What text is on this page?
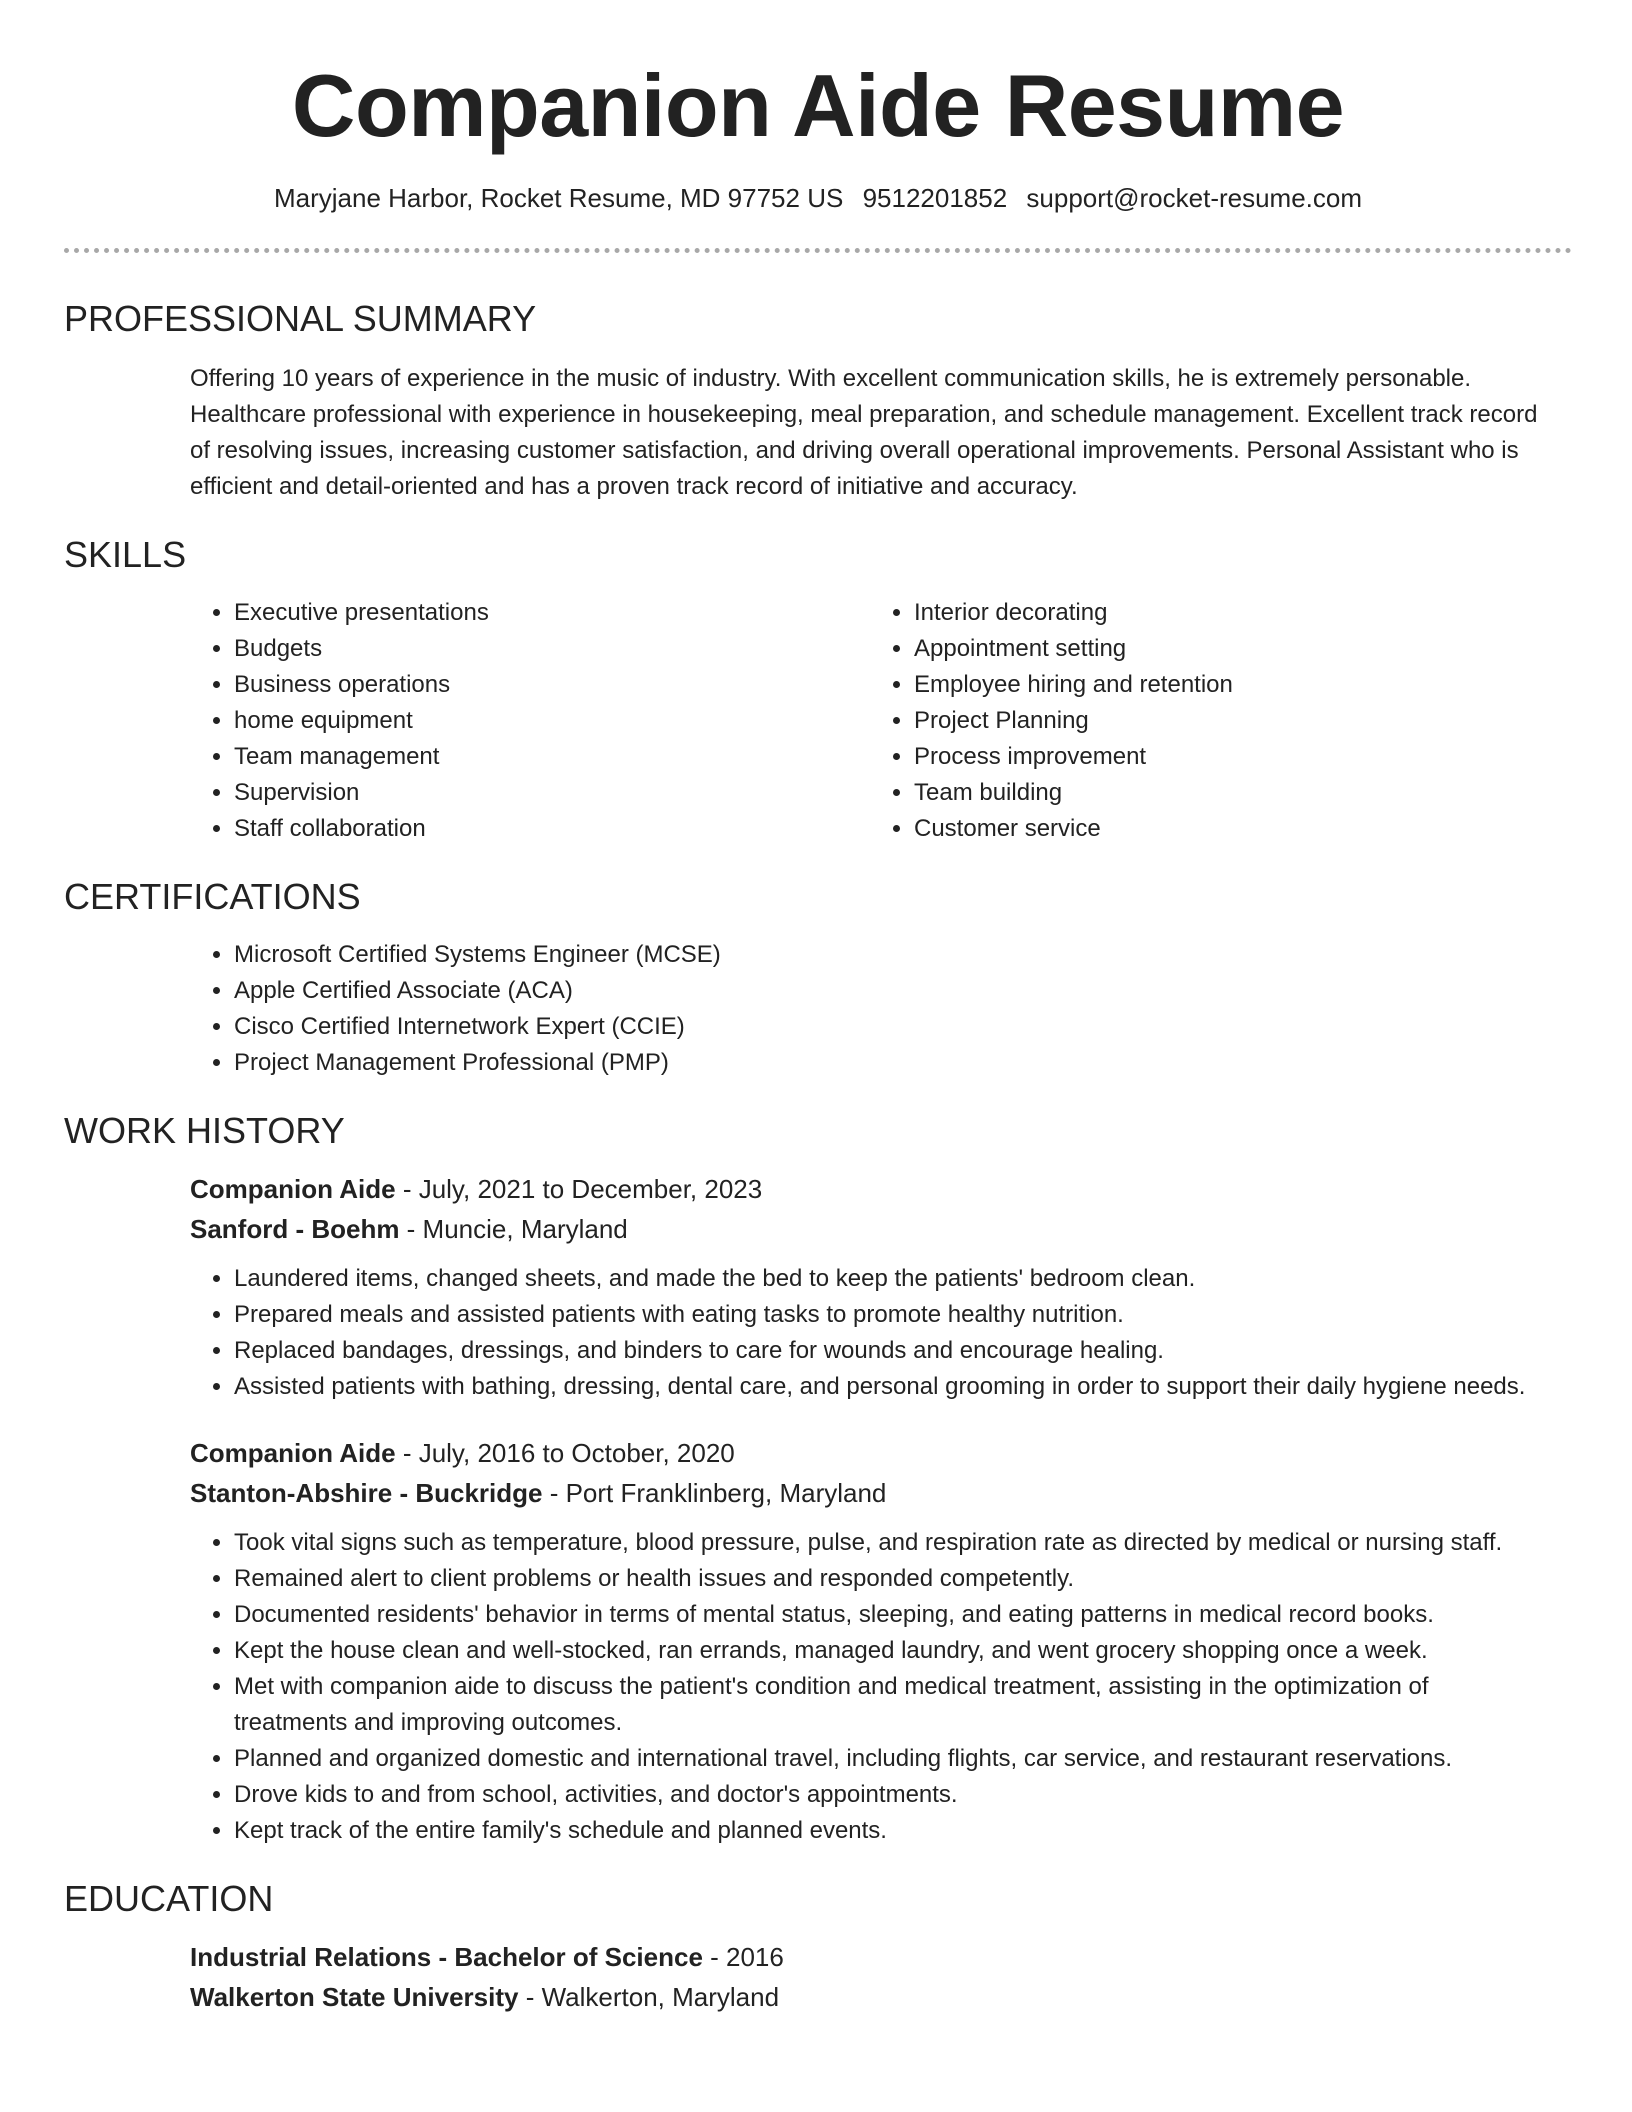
Companion Aide Resume
Maryjane Harbor, Rocket Resume, MD 97752 US 9512201852 support@rocket-resume.com
PROFESSIONAL SUMMARY

Offering 10 years of experience in the music of industry. With excellent communication skills, he is extremely personable. Healthcare professional with experience in housekeeping, meal preparation, and schedule management. Excellent track record of resolving issues, increasing customer satisfaction, and driving overall operational improvements. Personal Assistant who is efficient and detail-oriented and has a proven track record of initiative and accuracy.

SKILLS
• Executive presentations
• Budgets
• Business operations
• home equipment
• Team management
• Supervision
• Staff collaboration
• Interior decorating
• Appointment setting
• Employee hiring and retention
• Project Planning
• Process improvement
• Team building
• Customer service
CERTIFICATIONS
• Microsoft Certified Systems Engineer (MCSE)
• Apple Certified Associate (ACA)
• Cisco Certified Internetwork Expert (CCIE)
• Project Management Professional (PMP)
WORK HISTORY
Companion Aide - July, 2021 to December, 2023
Sanford - Boehm - Muncie, Maryland
• Laundered items, changed sheets, and made the bed to keep the patients' bedroom clean.
• Prepared meals and assisted patients with eating tasks to promote healthy nutrition.
• Replaced bandages, dressings, and binders to care for wounds and encourage healing.
• Assisted patients with bathing, dressing, dental care, and personal grooming in order to support their daily hygiene needs.
Companion Aide - July, 2016 to October, 2020
Stanton-Abshire - Buckridge - Port Franklinberg, Maryland
• Took vital signs such as temperature, blood pressure, pulse, and respiration rate as directed by medical or nursing staff.
• Remained alert to client problems or health issues and responded competently.
• Documented residents' behavior in terms of mental status, sleeping, and eating patterns in medical record books.
• Kept the house clean and well-stocked, ran errands, managed laundry, and went grocery shopping once a week.
• Met with companion aide to discuss the patient's condition and medical treatment, assisting in the optimization of treatments and improving outcomes.
• Planned and organized domestic and international travel, including flights, car service, and restaurant reservations.
• Drove kids to and from school, activities, and doctor's appointments.
• Kept track of the entire family's schedule and planned events.
EDUCATION
Industrial Relations - Bachelor of Science - 2016
Walkerton State University - Walkerton, Maryland
